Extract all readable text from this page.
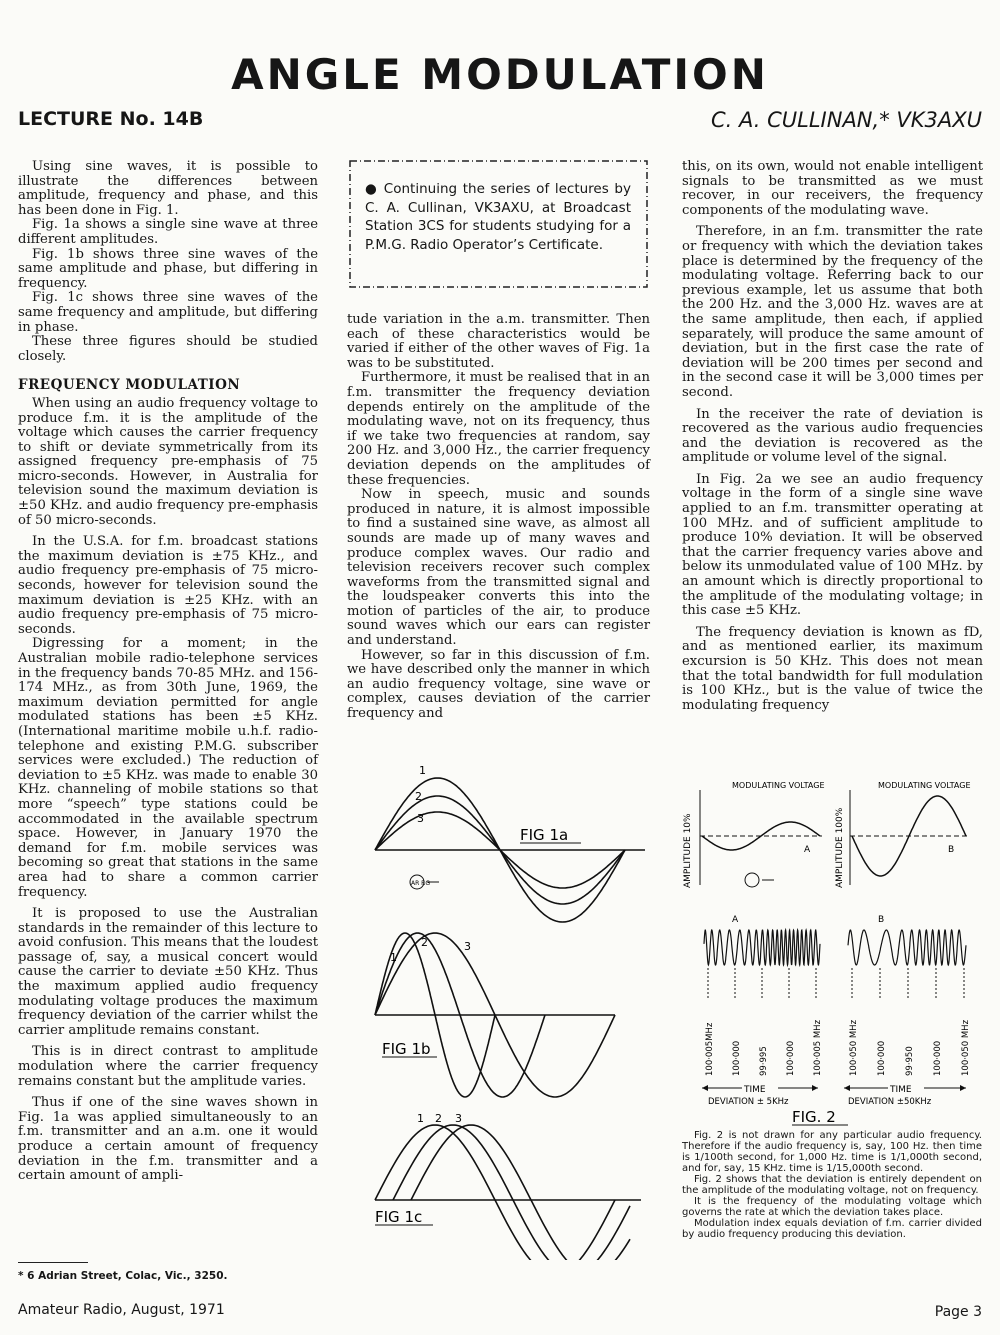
ANGLE MODULATION
LECTURE No. 14B	C. A. CULLINAN,* VK3AXU

Using sine waves, it is possible to illustrate the differences between amplitude, frequency and phase, and this has been done in Fig. 1.

Fig. 1a shows a single sine wave at three different amplitudes.

Fig. 1b shows three sine waves of the same amplitude and phase, but differing in frequency.

Fig. 1c shows three sine waves of the same frequency and amplitude, but differing in phase.

These three figures should be studied closely.

FREQUENCY MODULATION

When using an audio frequency voltage to produce f.m. it is the amplitude of the voltage which causes the carrier frequency to shift or deviate symmetrically from its assigned frequency pre-emphasis of 75 micro-seconds. However, in Australia for television sound the maximum deviation is ±50 KHz. and audio frequency pre-emphasis of 50 micro-seconds.

In the U.S.A. for f.m. broadcast stations the maximum deviation is ±75 KHz., and audio frequency pre-emphasis of 75 micro-seconds, however for television sound the maximum deviation is ±25 KHz. with an audio frequency pre-emphasis of 75 micro-seconds.

Digressing for a moment; in the Australian mobile radio-telephone services in the frequency bands 70-85 MHz. and 156-174 MHz., as from 30th June, 1969, the maximum deviation permitted for angle modulated stations has been ±5 KHz. (International maritime mobile u.h.f. radio-telephone and existing P.M.G. subscriber services were excluded.) The reduction of deviation to ±5 KHz. was made to enable 30 KHz. channeling of mobile stations so that more “speech” type stations could be accommodated in the available spectrum space. However, in January 1970 the demand for f.m. mobile services was becoming so great that stations in the same area had to share a common carrier frequency.

It is proposed to use the Australian standards in the remainder of this lecture to avoid confusion. This means that the loudest passage of, say, a musical concert would cause the carrier to deviate ±50 KHz. Thus the maximum applied audio frequency modulating voltage produces the maximum frequency deviation of the carrier whilst the carrier amplitude remains constant.

This is in direct contrast to amplitude modulation where the carrier frequency remains constant but the amplitude varies.

Thus if one of the sine waves shown in Fig. 1a was applied simultaneously to an f.m. transmitter and an a.m. one it would produce a certain amount of frequency deviation in the f.m. transmitter and a certain amount of ampli-

● Continuing the series of lectures by C. A. Cullinan, VK3AXU, at Broadcast Station 3CS for students studying for a P.M.G. Radio Operator’s Certificate.

tude variation in the a.m. transmitter. Then each of these characteristics would be varied if either of the other waves of Fig. 1a was to be substituted.

Furthermore, it must be realised that in an f.m. transmitter the frequency deviation depends entirely on the amplitude of the modulating wave, not on its frequency, thus if we take two frequencies at random, say 200 Hz. and 3,000 Hz., the carrier frequency deviation depends on the amplitudes of these frequencies.

Now in speech, music and sounds produced in nature, it is almost impossible to find a sustained sine wave, as almost all sounds are made up of many waves and produce complex waves. Our radio and television receivers recover such complex waveforms from the transmitted signal and the loudspeaker converts this into the motion of particles of the air, to produce sound waves which our ears can register and understand.

However, so far in this discussion of f.m. we have described only the manner in which an audio frequency voltage, sine wave or complex, causes deviation of the carrier frequency and

this, on its own, would not enable intelligent signals to be transmitted as we must recover, in our receivers, the frequency components of the modulating wave.

Therefore, in an f.m. transmitter the rate or frequency with which the deviation takes place is determined by the frequency of the modulating voltage. Referring back to our previous example, let us assume that both the 200 Hz. and the 3,000 Hz. waves are at the same amplitude, then each, if applied separately, will produce the same amount of deviation, but in the first case the rate of deviation will be 200 times per second and in the second case it will be 3,000 times per second.

In the receiver the rate of deviation is recovered as the various audio frequencies and the deviation is recovered as the amplitude or volume level of the signal.

In Fig. 2a we see an audio frequency voltage in the form of a single sine wave applied to an f.m. transmitter operating at 100 MHz. and of sufficient amplitude to produce 10% deviation. It will be observed that the carrier frequency varies above and below its unmodulated value of 100 MHz. by an amount which is directly proportional to the amplitude of the modulating voltage; in this case ±5 KHz.

The frequency deviation is known as fD, and as mentioned earlier, its maximum excursion is 50 KHz. This does not mean that the total bandwidth for full modulation is 100 KHz., but is the value of twice the modulating frequency

1
2
3
FIG 1a
AR RG
1
2	3
FIG 1b
1 2 3
FIG 1c
AMPLITUDE 10%
MODULATING VOLTAGE
A	AMPLITUDE 100%
MODULATING VOLTAGE
B
A	B
100·005MHz 100·000 99·995 100·000 100·005 MHz	100·050 MHz 100·000 99·950 100·000 100·050 MHz
TIME
DEVIATION ± 5KHz
TIME
DEVIATION ±50KHz
FIG. 2

Fig. 2 is not drawn for any particular audio frequency. Therefore if the audio frequency is, say, 100 Hz. then time is 1/100th second, for 1,000 Hz. time is 1/1,000th second, and for, say, 15 KHz. time is 1/15,000th second.

Fig. 2 shows that the deviation is entirely dependent on the amplitude of the modulating voltage, not on frequency.

It is the frequency of the modulating voltage which governs the rate at which the deviation takes place.

Modulation index equals deviation of f.m. carrier divided by audio frequency producing this deviation.

* 6 Adrian Street, Colac, Vic., 3250.
Amateur Radio, August, 1971	Page 3
